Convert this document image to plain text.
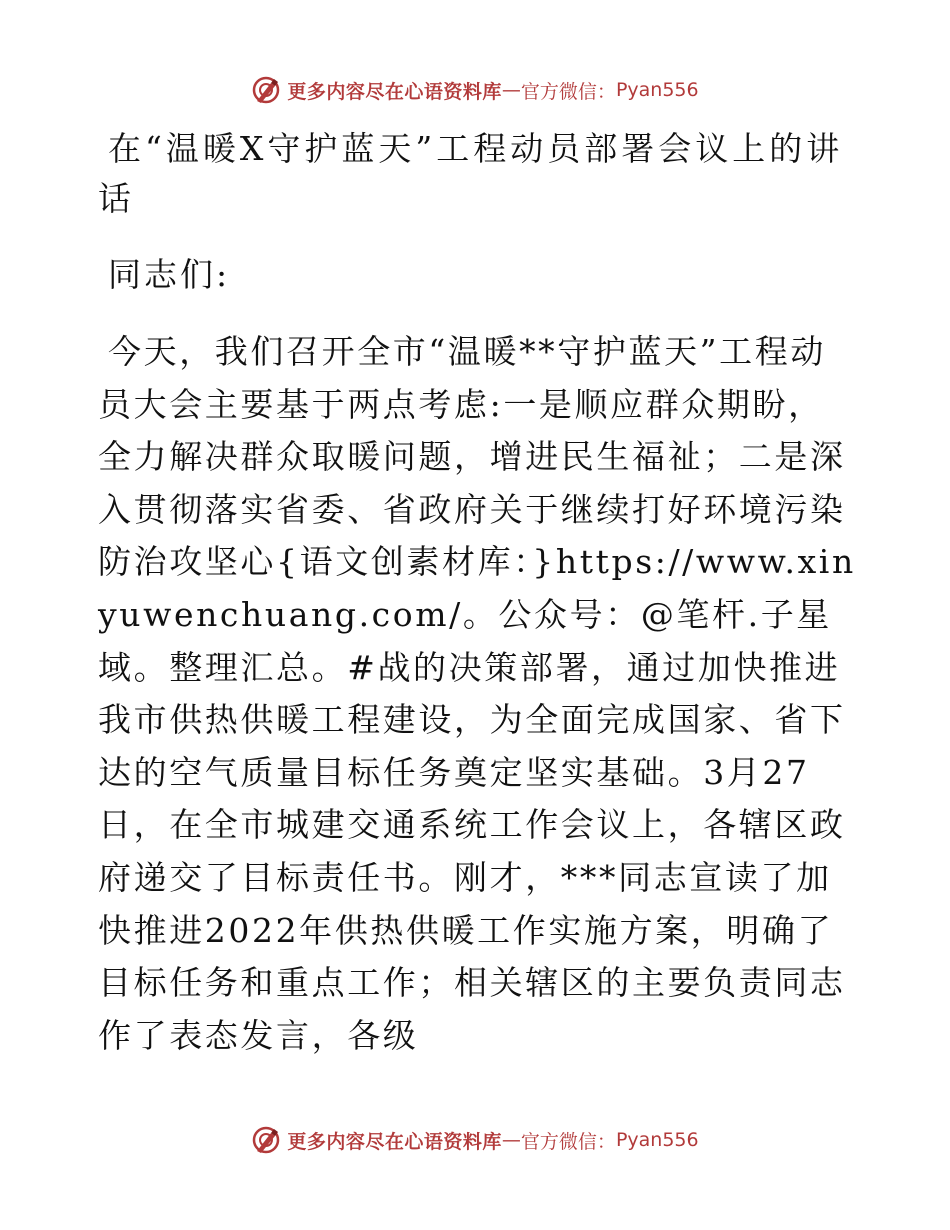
更多内容尽在心语资料库 — 官方微信： Pyan556
在“温暖X守护蓝天”工程动员部署会议上的讲话

同志们:

今天，我们召开全市“温暖**守护蓝天”工程动员大会主要基于两点考虑:一是顺应群众期盼，全力解决群众取暖问题，增进民生福祉；二是深入贯彻落实省委、省政府关于继续打好环境污染防治攻坚心{语文创素材库：}https://www.xinyuwenchuang.com/。公众号：@笔杆.子星域。整理汇总。#战的决策部署，通过加快推进我市供热供暖工程建设，为全面完成国家、省下达的空气质量目标任务奠定坚实基础。3月27日，在全市城建交通系统工作会议上，各辖区政府递交了目标责任书。刚才，***同志宣读了加快推进2022年供热供暖工作实施方案，明确了目标任务和重点工作；相关辖区的主要负责同志作了表态发言，各级

更多内容尽在心语资料库 — 官方微信： Pyan556
